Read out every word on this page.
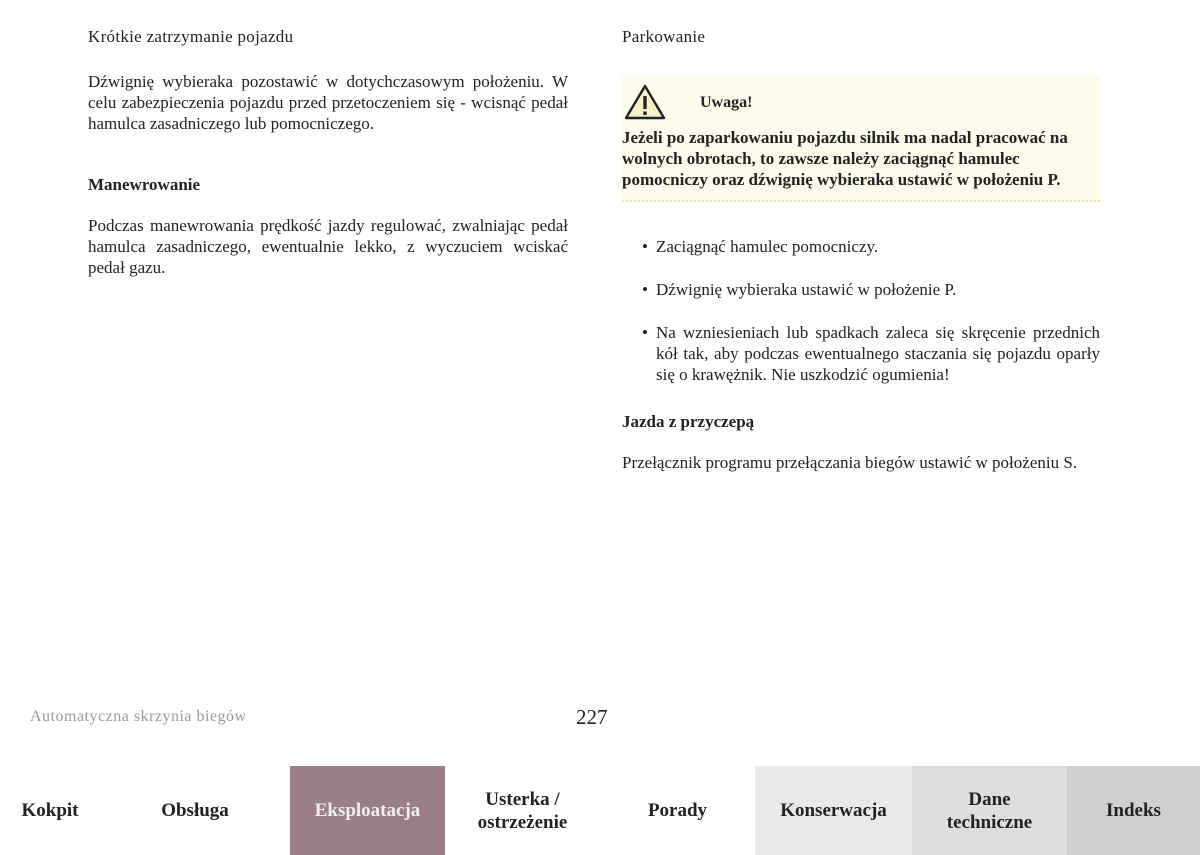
Krótkie zatrzymanie pojazdu

Dźwignię wybieraka pozostawić w dotychczasowym położeniu. W celu zabezpieczenia pojazdu przed przetoczeniem się - wcisnąć pedał hamulca zasadniczego lub pomocniczego.

Manewrowanie

Podczas manewrowania prędkość jazdy regulować, zwalniając pedał hamulca zasadniczego, ewentualnie lekko, z wyczuciem wciskać pedał gazu.

Parkowanie

Uwaga!

Jeżeli po zaparkowaniu pojazdu silnik ma nadal pracować na wolnych obrotach, to zawsze należy zaciągnąć hamulec pomocniczy oraz dźwignię wybieraka ustawić w położeniu P.

• Zaciągnąć hamulec pomocniczy.
• Dźwignię wybieraka ustawić w położenie P.
• Na wzniesieniach lub spadkach zaleca się skręcenie przednich kół tak, aby podczas ewentualnego staczania się pojazdu oparły się o krawężnik. Nie uszkodzić ogumienia!

Jazda z przyczepą

Przełącznik programu przełączania biegów ustawić w położeniu S.

Automatyczna skrzynia biegów	227
Kokpit	Obsługa	Eksploatacja
Usterka /
ostrzeżenie
Porady	Konserwacja
Dane
techniczne
Indeks
